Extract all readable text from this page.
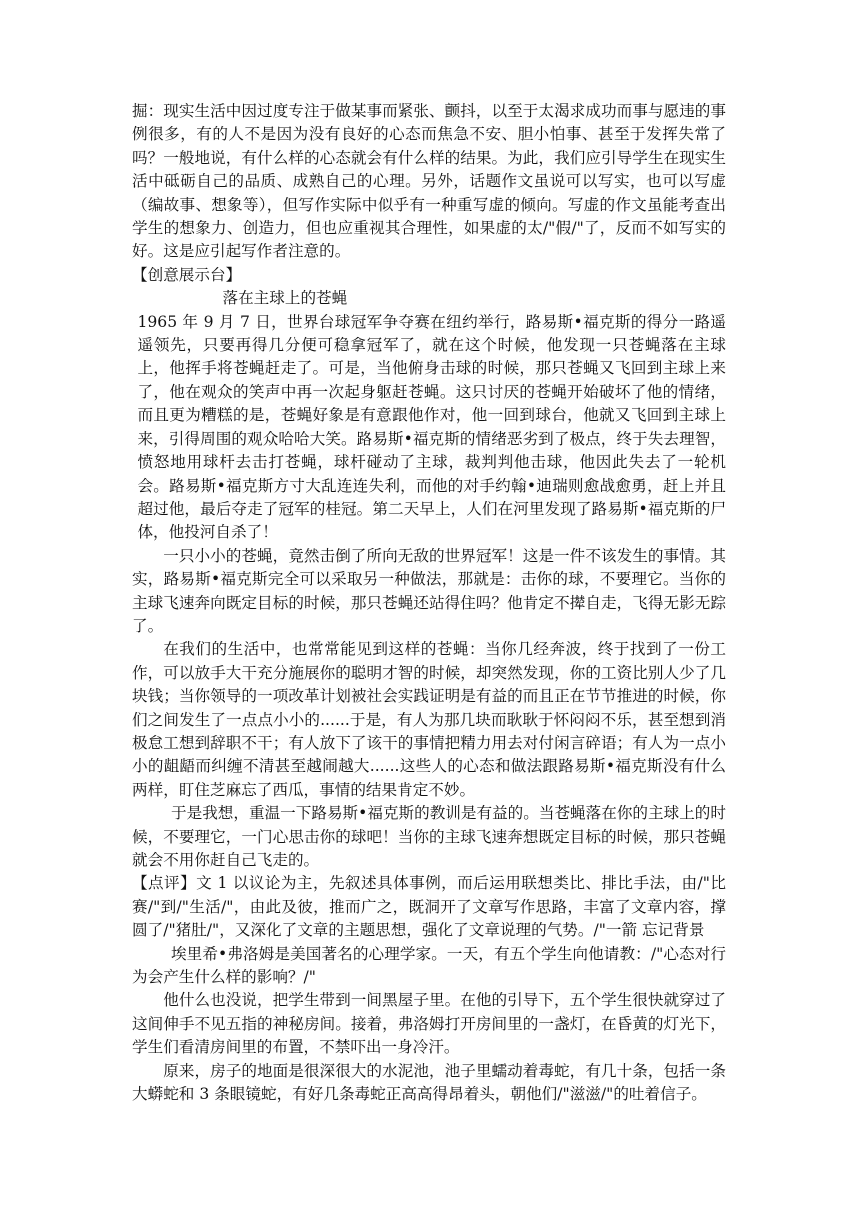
掘：现实生活中因过度专注于做某事而紧张、颤抖，以至于太渴求成功而事与愿违的事例很多，有的人不是因为没有良好的心态而焦急不安、胆小怕事、甚至于发挥失常了吗？一般地说，有什么样的心态就会有什么样的结果。为此，我们应引导学生在现实生活中砥砺自己的品质、成熟自己的心理。另外，话题作文虽说可以写实，也可以写虚（编故事、想象等），但写作实际中似乎有一种重写虚的倾向。写虚的作文虽能考查出学生的想象力、创造力，但也应重视其合理性，如果虚的太/"假/"了，反而不如写实的好。这是应引起写作者注意的。

【创意展示台】

落在主球上的苍蝇

1965 年 9 月 7 日，世界台球冠军争夺赛在纽约举行，路易斯•福克斯的得分一路遥遥领先，只要再得几分便可稳拿冠军了，就在这个时候，他发现一只苍蝇落在主球上，他挥手将苍蝇赶走了。可是，当他俯身击球的时候，那只苍蝇又飞回到主球上来了，他在观众的笑声中再一次起身躯赶苍蝇。这只讨厌的苍蝇开始破坏了他的情绪，而且更为糟糕的是，苍蝇好象是有意跟他作对，他一回到球台，他就又飞回到主球上来，引得周围的观众哈哈大笑。路易斯•福克斯的情绪恶劣到了极点，终于失去理智，愤怒地用球杆去击打苍蝇，球杆碰动了主球，裁判判他击球，他因此失去了一轮机会。路易斯•福克斯方寸大乱连连失利，而他的对手约翰•迪瑞则愈战愈勇，赶上并且超过他，最后夺走了冠军的桂冠。第二天早上，人们在河里发现了路易斯•福克斯的尸体，他投河自杀了！

一只小小的苍蝇，竟然击倒了所向无敌的世界冠军！这是一件不该发生的事情。其实，路易斯•福克斯完全可以采取另一种做法，那就是：击你的球，不要理它。当你的主球飞速奔向既定目标的时候，那只苍蝇还站得住吗？他肯定不撵自走，飞得无影无踪了。

在我们的生活中，也常常能见到这样的苍蝇：当你几经奔波，终于找到了一份工作，可以放手大干充分施展你的聪明才智的时候，却突然发现，你的工资比别人少了几块钱；当你领导的一项改革计划被社会实践证明是有益的而且正在节节推进的时候，你们之间发生了一点点小小的......于是，有人为那几块而耿耿于怀闷闷不乐，甚至想到消极怠工想到辞职不干；有人放下了该干的事情把精力用去对付闲言碎语；有人为一点小小的龃龉而纠缠不清甚至越闹越大......这些人的心态和做法跟路易斯•福克斯没有什么两样，盯住芝麻忘了西瓜，事情的结果肯定不妙。

于是我想，重温一下路易斯•福克斯的教训是有益的。当苍蝇落在你的主球上的时候，不要理它，一门心思击你的球吧！当你的主球飞速奔想既定目标的时候，那只苍蝇就会不用你赶自己飞走的。

【点评】文 1 以议论为主，先叙述具体事例，而后运用联想类比、排比手法，由/"比赛/"到/"生活/"，由此及彼，推而广之，既洞开了文章写作思路，丰富了文章内容，撑圆了/"猪肚/"，又深化了文章的主题思想，强化了文章说理的气势。/"一箭 忘记背景

埃里希•弗洛姆是美国著名的心理学家。一天，有五个学生向他请教：/"心态对行为会产生什么样的影响？/"

他什么也没说，把学生带到一间黑屋子里。在他的引导下，五个学生很快就穿过了这间伸手不见五指的神秘房间。接着，弗洛姆打开房间里的一盏灯，在昏黄的灯光下，学生们看清房间里的布置，不禁吓出一身冷汗。

原来，房子的地面是很深很大的水泥池，池子里蠕动着毒蛇，有几十条，包括一条大蟒蛇和 3 条眼镜蛇，有好几条毒蛇正高高得昂着头，朝他们/"滋滋/"的吐着信子。
